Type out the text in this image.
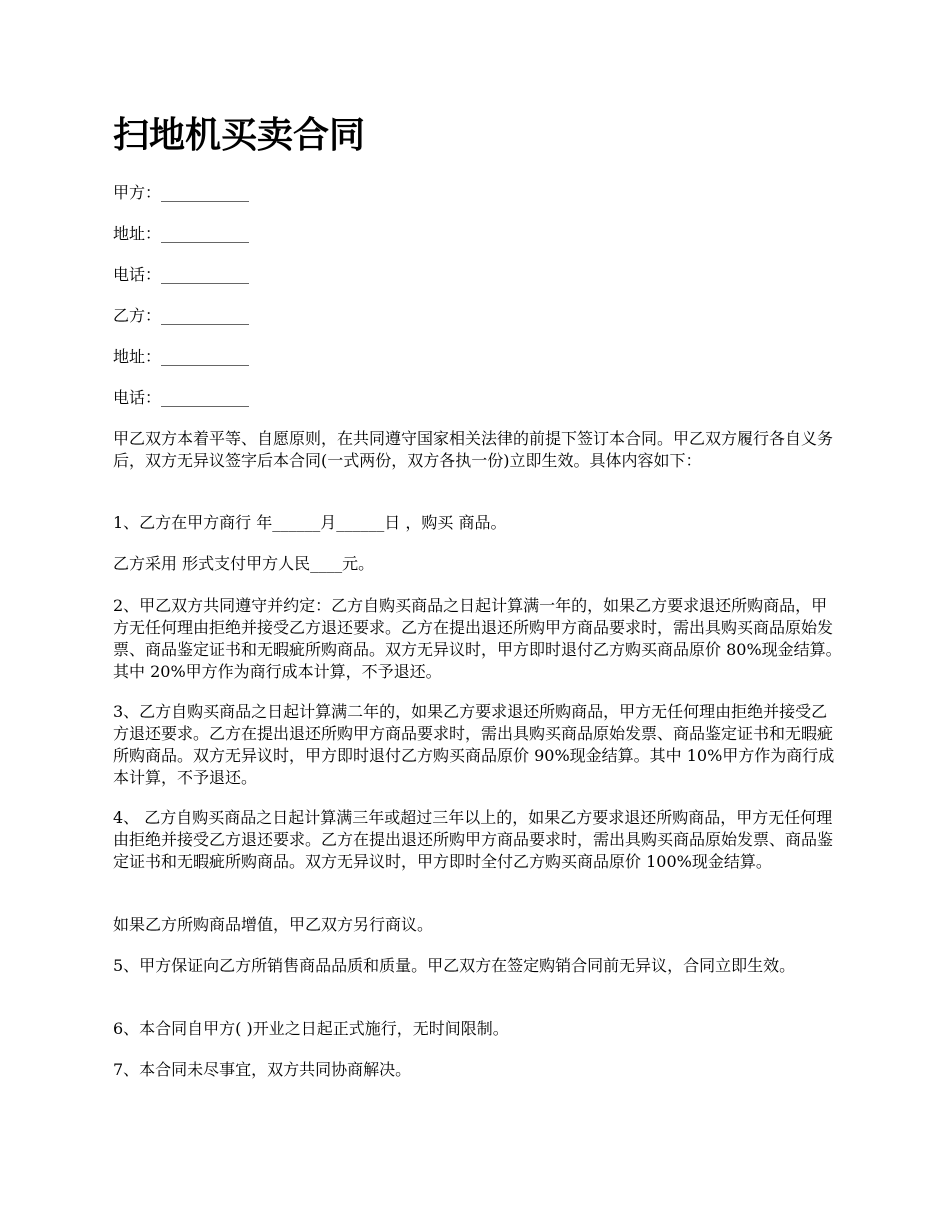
扫地机买卖合同
甲方：___________
地址：___________
电话：___________
乙方：___________
地址：___________
电话：___________

甲乙双方本着平等、自愿原则，在共同遵守国家相关法律的前提下签订本合同。甲乙双方履行各自义务后，双方无异议签字后本合同(一式两份，双方各执一份)立即生效。具体内容如下：

1、乙方在甲方商行 年______月______日 ，购买 商品。

乙方采用 形式支付甲方人民____元。

2、甲乙双方共同遵守并约定：乙方自购买商品之日起计算满一年的，如果乙方要求退还所购商品，甲方无任何理由拒绝并接受乙方退还要求。乙方在提出退还所购甲方商品要求时，需出具购买商品原始发票、商品鉴定证书和无暇疵所购商品。双方无异议时，甲方即时退付乙方购买商品原价 80%现金结算。其中 20%甲方作为商行成本计算，不予退还。

3、乙方自购买商品之日起计算满二年的，如果乙方要求退还所购商品，甲方无任何理由拒绝并接受乙方退还要求。乙方在提出退还所购甲方商品要求时，需出具购买商品原始发票、商品鉴定证书和无暇疵所购商品。双方无异议时，甲方即时退付乙方购买商品原价 90%现金结算。其中 10%甲方作为商行成本计算，不予退还。

4、 乙方自购买商品之日起计算满三年或超过三年以上的，如果乙方要求退还所购商品，甲方无任何理由拒绝并接受乙方退还要求。乙方在提出退还所购甲方商品要求时，需出具购买商品原始发票、商品鉴定证书和无暇疵所购商品。双方无异议时，甲方即时全付乙方购买商品原价 100%现金结算。

如果乙方所购商品增值，甲乙双方另行商议。

5、甲方保证向乙方所销售商品品质和质量。甲乙双方在签定购销合同前无异议，合同立即生效。

6、本合同自甲方( )开业之日起正式施行，无时间限制。

7、本合同未尽事宜，双方共同协商解决。
